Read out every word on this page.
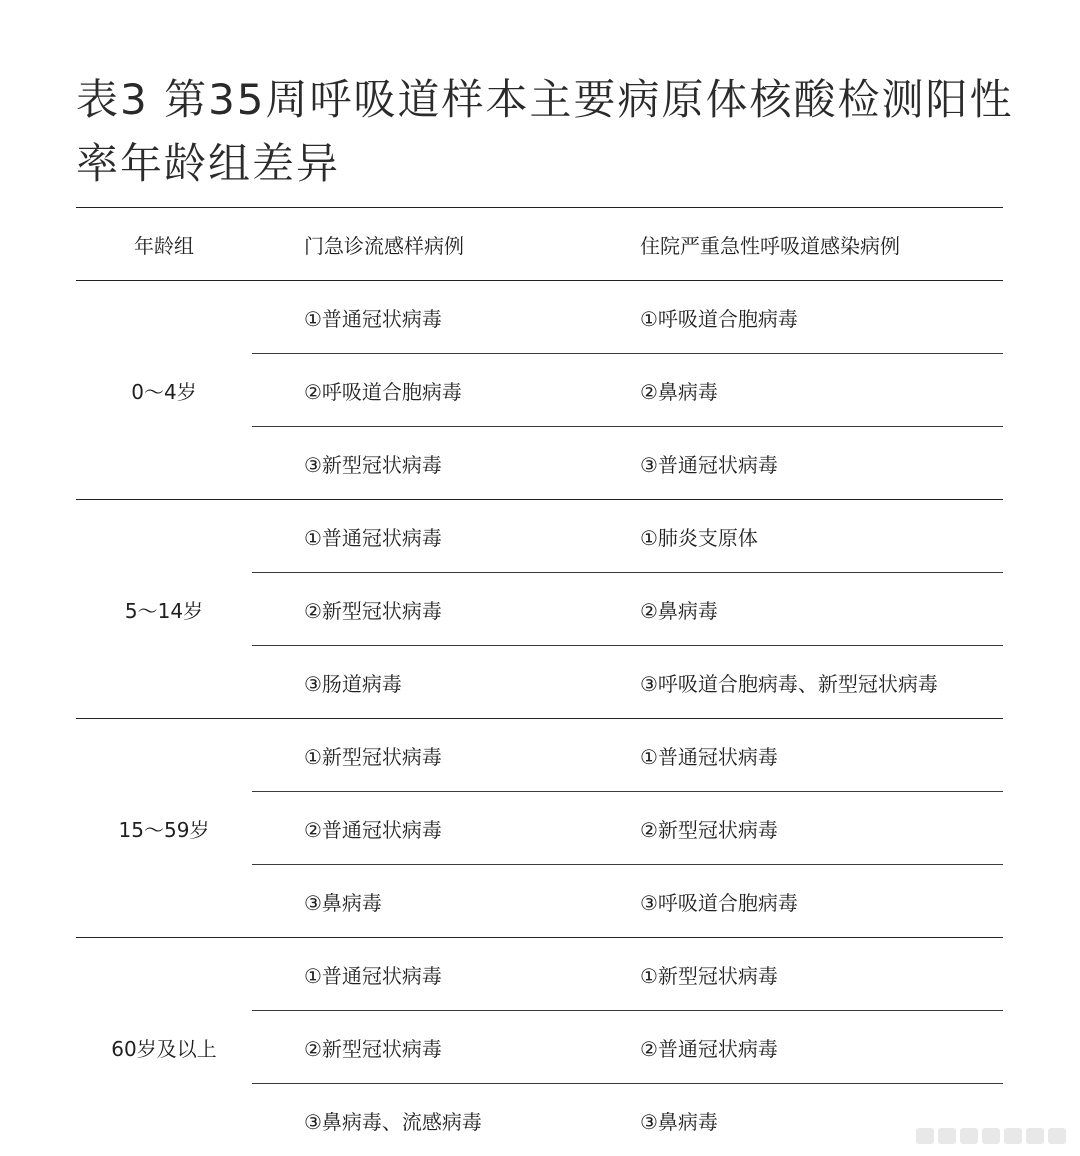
表3 第35周呼吸道样本主要病原体核酸检测阳性率年龄组差异
年龄组	门急诊流感样病例	住院严重急性呼吸道感染病例
0～4岁	①普通冠状病毒	①呼吸道合胞病毒
	②呼吸道合胞病毒	②鼻病毒
	③新型冠状病毒	③普通冠状病毒
5～14岁	①普通冠状病毒	①肺炎支原体
	②新型冠状病毒	②鼻病毒
	③肠道病毒	③呼吸道合胞病毒、新型冠状病毒
15～59岁	①新型冠状病毒	①普通冠状病毒
	②普通冠状病毒	②新型冠状病毒
	③鼻病毒	③呼吸道合胞病毒
60岁及以上	①普通冠状病毒	①新型冠状病毒
	②新型冠状病毒	②普通冠状病毒
	③鼻病毒、流感病毒	③鼻病毒
